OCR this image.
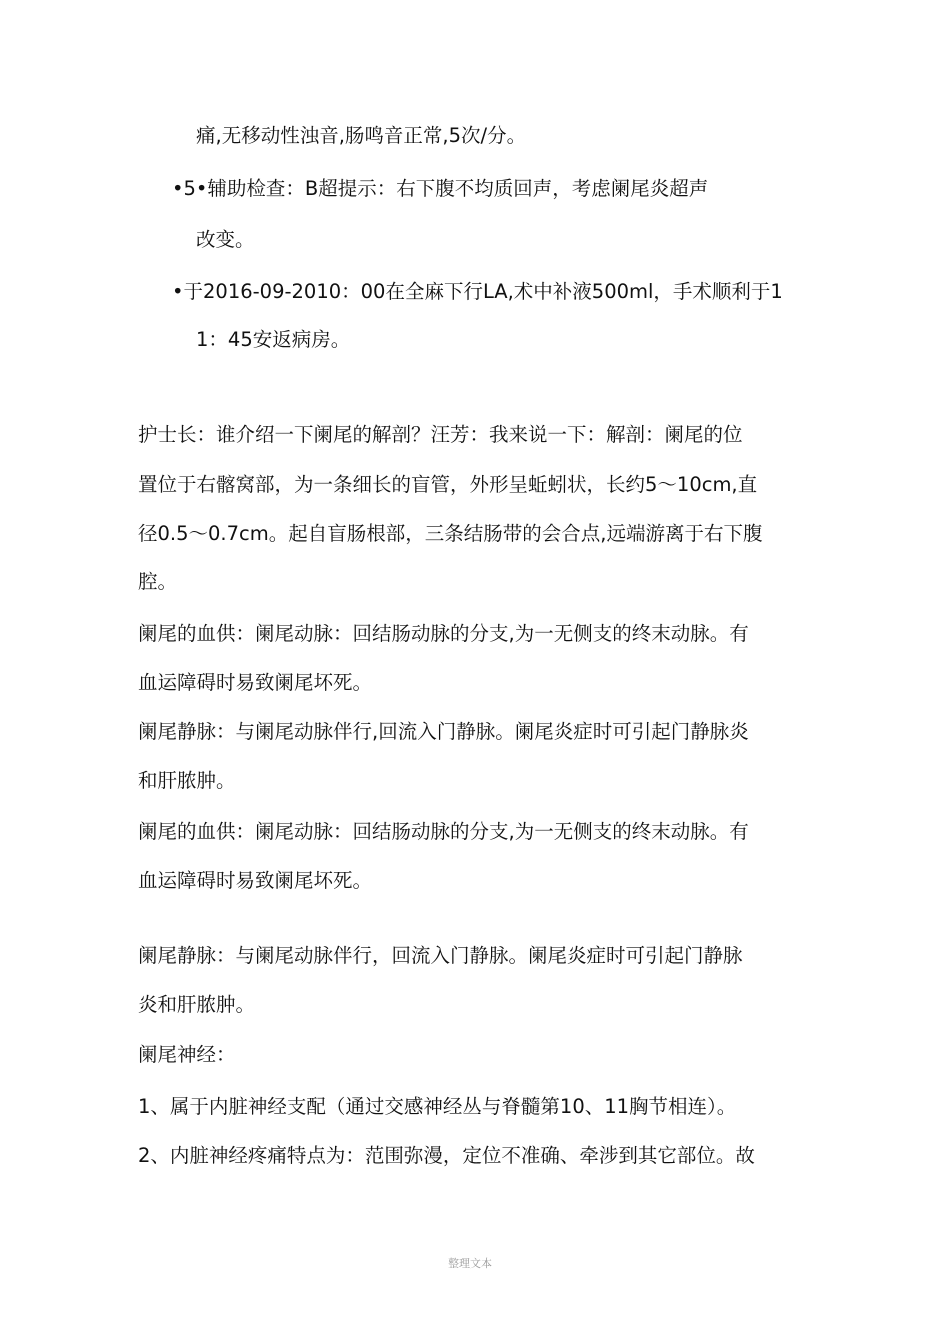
痛,无移动性浊音,肠鸣音正常,5次/分。
•5•辅助检查：B超提示：右下腹不均质回声，考虑阑尾炎超声
改变。
•于2016-09-2010：00在全麻下行LA,术中补液500ml，手术顺利于1
1：45安返病房。
护士长：谁介绍一下阑尾的解剖？汪芳：我来说一下：解剖：阑尾的位
置位于右髂窝部，为一条细长的盲管，外形呈蚯蚓状，长约5〜10cm,直
径0.5〜0.7cm。起自盲肠根部，三条结肠带的会合点,远端游离于右下腹
腔。
阑尾的血供：阑尾动脉：回结肠动脉的分支,为一无侧支的终末动脉。有
血运障碍时易致阑尾坏死。
阑尾静脉：与阑尾动脉伴行,回流入门静脉。阑尾炎症时可引起门静脉炎
和肝脓肿。
阑尾的血供：阑尾动脉：回结肠动脉的分支,为一无侧支的终末动脉。有
血运障碍时易致阑尾坏死。
阑尾静脉：与阑尾动脉伴行，回流入门静脉。阑尾炎症时可引起门静脉
炎和肝脓肿。
阑尾神经：
1、属于内脏神经支配（通过交感神经丛与脊髓第10、11胸节相连）。
2、内脏神经疼痛特点为：范围弥漫，定位不准确、牵涉到其它部位。故
整理文本
